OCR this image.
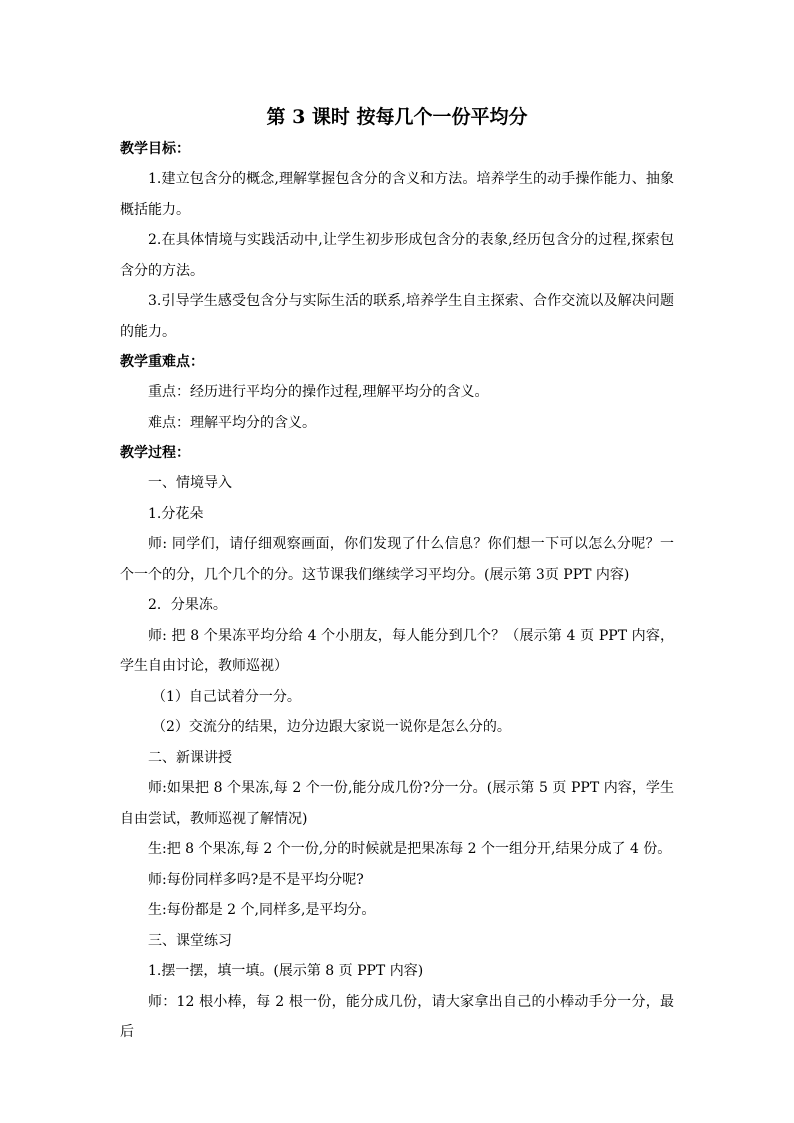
第 3 课时 按每几个一份平均分
教学目标：

1.建立包含分的概念,理解掌握包含分的含义和方法。培养学生的动手操作能力、抽象概括能力。

2.在具体情境与实践活动中,让学生初步形成包含分的表象,经历包含分的过程,探索包含分的方法。

3.引导学生感受包含分与实际生活的联系,培养学生自主探索、合作交流以及解决问题的能力。

教学重难点：

重点：经历进行平均分的操作过程,理解平均分的含义。

难点：理解平均分的含义。

教学过程：

一、情境导入

1.分花朵

师: 同学们，请仔细观察画面，你们发现了什么信息？你们想一下可以怎么分呢？一个一个的分，几个几个的分。这节课我们继续学习平均分。(展示第 3页 PPT 内容)

2．分果冻。

师: 把 8 个果冻平均分给 4 个小朋友，每人能分到几个？（展示第 4 页 PPT 内容，学生自由讨论，教师巡视）

（1）自己试着分一分。

（2）交流分的结果，边分边跟大家说一说你是怎么分的。

二、新课讲授

师:如果把 8 个果冻,每 2 个一份,能分成几份?分一分。(展示第 5 页 PPT 内容，学生自由尝试，教师巡视了解情况)

生:把 8 个果冻,每 2 个一份,分的时候就是把果冻每 2 个一组分开,结果分成了 4 份。

师:每份同样多吗?是不是平均分呢?

生:每份都是 2 个,同样多,是平均分。

三、课堂练习

1.摆一摆，填一填。(展示第 8 页 PPT 内容)

师：12 根小棒，每 2 根一份，能分成几份，请大家拿出自己的小棒动手分一分，最后
